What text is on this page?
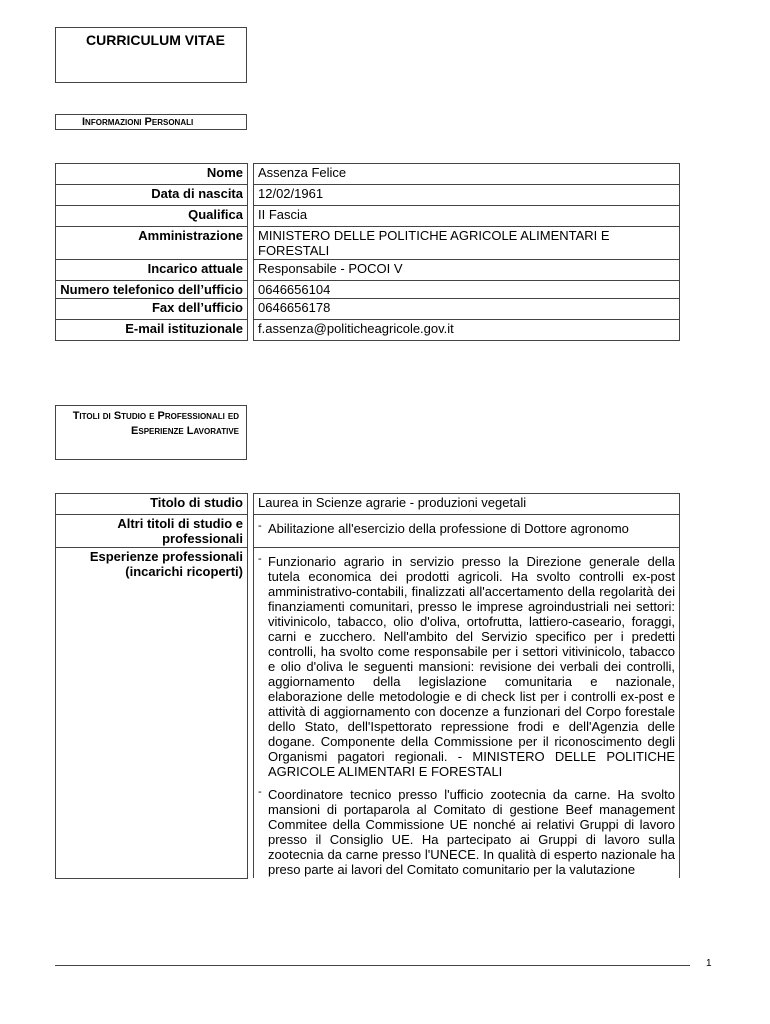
CURRICULUM VITAE
Informazioni Personali
Nome		Assenza Felice
Data di nascita		12/02/1961
Qualifica		II Fascia
Amministrazione		MINISTERO DELLE POLITICHE AGRICOLE ALIMENTARI E FORESTALI
Incarico attuale		Responsabile - POCOI V
Numero telefonico dell’ufficio		0646656104
Fax dell’ufficio		0646656178
E-mail istituzionale		f.assenza@politicheagricole.gov.it
Titoli di Studio e Professionali ed Esperienze Lavorative
Titolo di studio		Laurea in Scienze agrarie - produzioni vegetali
Altri titoli di studio e professionali		- Abilitazione all'esercizio della professione di Dottore agronomo

Esperienze professionali (incarichi ricoperti)		- Funzionario agrario in servizio presso la Direzione generale della tutela economica dei prodotti agricoli. Ha svolto controlli ex-post amministrativo-contabili, finalizzati all'accertamento della regolarità dei finanziamenti comunitari, presso le imprese agroindustriali nei settori: vitivinicolo, tabacco, olio d'oliva, ortofrutta, lattiero-caseario, foraggi, carni e zucchero. Nell'ambito del Servizio specifico per i predetti controlli, ha svolto come responsabile per i settori vitivinicolo, tabacco e olio d'oliva le seguenti mansioni: revisione dei verbali dei controlli, aggiornamento della legislazione comunitaria e nazionale, elaborazione delle metodologie e di check list per i controlli ex-post e attività di aggiornamento con docenze a funzionari del Corpo forestale dello Stato, dell'Ispettorato repressione frodi e dell'Agenzia delle dogane. Componente della Commissione per il riconoscimento degli Organismi pagatori regionali. - MINISTERO DELLE POLITICHE AGRICOLE ALIMENTARI E FORESTALI
- Coordinatore tecnico presso l'ufficio zootecnia da carne. Ha svolto mansioni di portaparola al Comitato di gestione Beef management Commitee della Commissione UE nonché ai relativi Gruppi di lavoro presso il Consiglio UE. Ha partecipato ai Gruppi di lavoro sulla zootecnia da carne presso l'UNECE. In qualità di esperto nazionale ha preso parte ai lavori del Comitato comunitario per la valutazione
1
